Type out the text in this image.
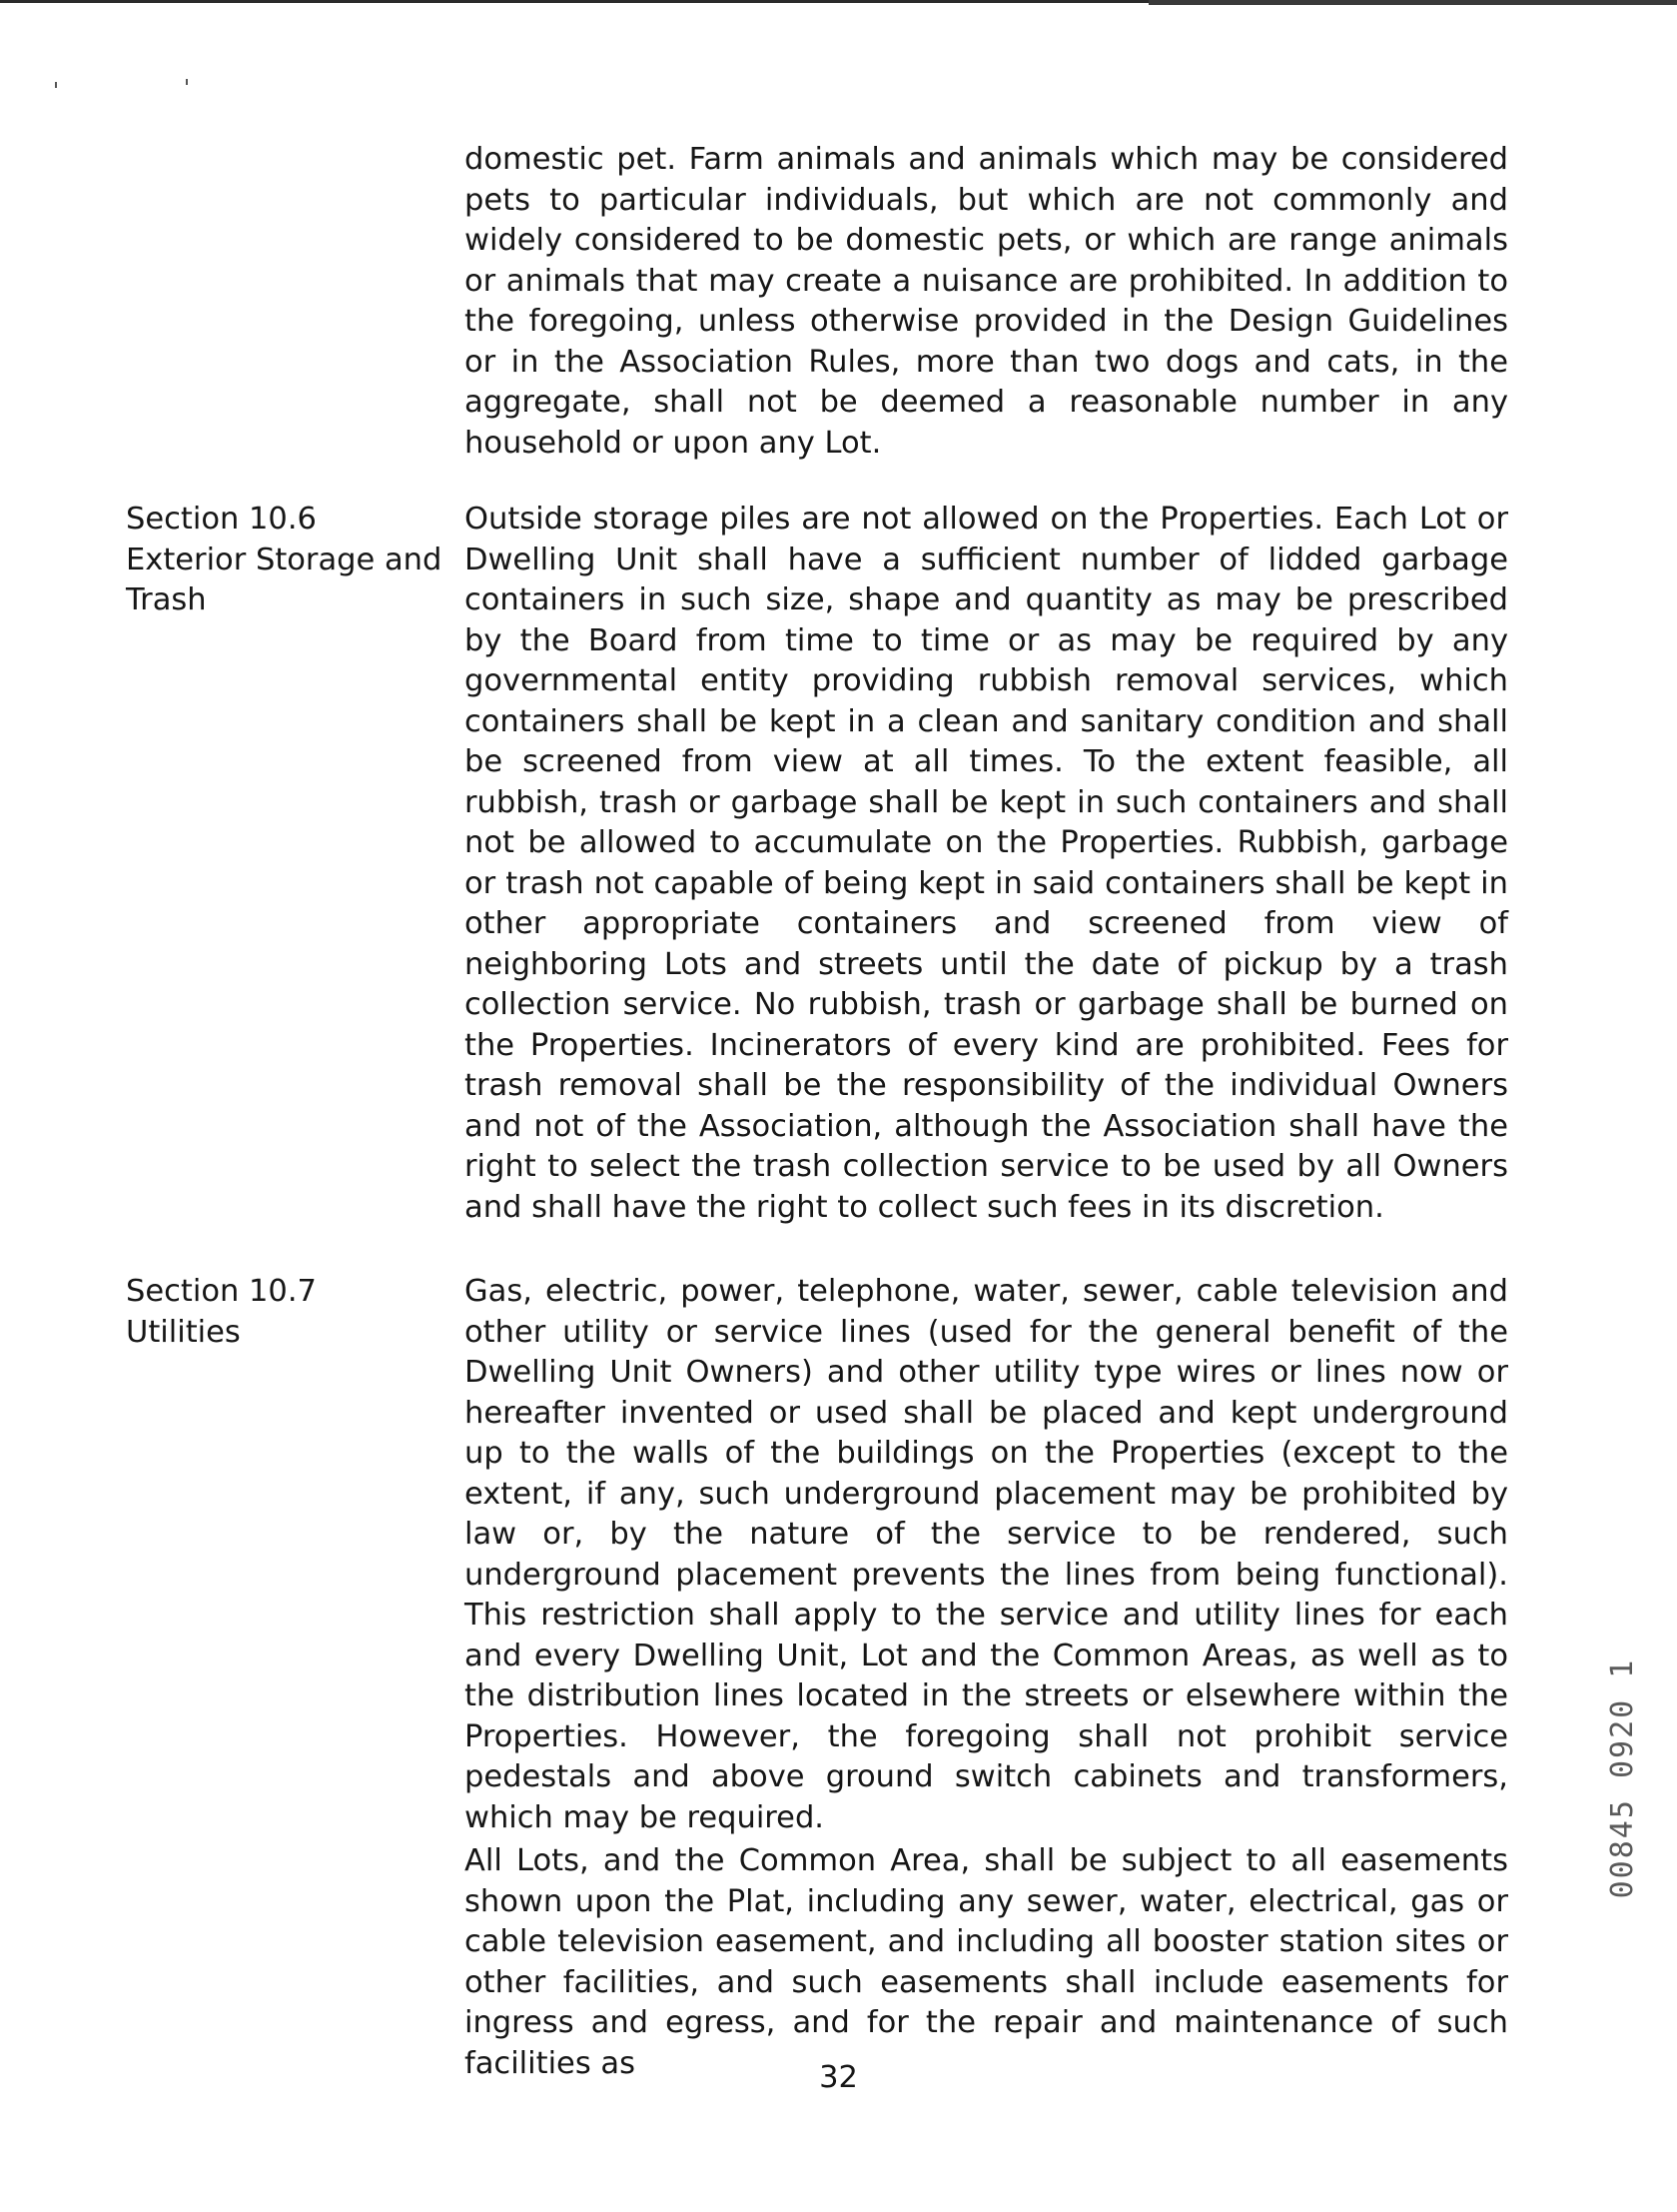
domestic pet. Farm animals and animals which may be considered pets to particular individuals, but which are not commonly and widely considered to be domestic pets, or which are range animals or animals that may create a nuisance are prohibited. In addition to the foregoing, unless otherwise provided in the Design Guidelines or in the Association Rules, more than two dogs and cats, in the aggregate, shall not be deemed a reasonable number in any household or upon any Lot.

Section 10.6
Exterior Storage and
Trash

Outside storage piles are not allowed on the Properties. Each Lot or Dwelling Unit shall have a sufficient number of lidded garbage containers in such size, shape and quantity as may be prescribed by the Board from time to time or as may be required by any governmental entity providing rubbish removal services, which containers shall be kept in a clean and sanitary condition and shall be screened from view at all times. To the extent feasible, all rubbish, trash or garbage shall be kept in such containers and shall not be allowed to accumulate on the Properties. Rubbish, garbage or trash not capable of being kept in said containers shall be kept in other appropriate containers and screened from view of neighboring Lots and streets until the date of pickup by a trash collection service. No rubbish, trash or garbage shall be burned on the Properties. Incinerators of every kind are prohibited. Fees for trash removal shall be the responsibility of the individual Owners and not of the Association, although the Association shall have the right to select the trash collection service to be used by all Owners and shall have the right to collect such fees in its discretion.

Section 10.7
Utilities

Gas, electric, power, telephone, water, sewer, cable television and other utility or service lines (used for the general benefit of the Dwelling Unit Owners) and other utility type wires or lines now or hereafter invented or used shall be placed and kept underground up to the walls of the buildings on the Properties (except to the extent, if any, such underground placement may be prohibited by law or, by the nature of the service to be rendered, such underground placement prevents the lines from being functional). This restriction shall apply to the service and utility lines for each and every Dwelling Unit, Lot and the Common Areas, as well as to the distribution lines located in the streets or elsewhere within the Properties. However, the foregoing shall not prohibit service pedestals and above ground switch cabinets and transformers, which may be required.

All Lots, and the Common Area, shall be subject to all easements shown upon the Plat, including any sewer, water, electrical, gas or cable television easement, and including all booster station sites or other facilities, and such easements shall include easements for ingress and egress, and for the repair and maintenance of such facilities as	32
00845 0920 1
